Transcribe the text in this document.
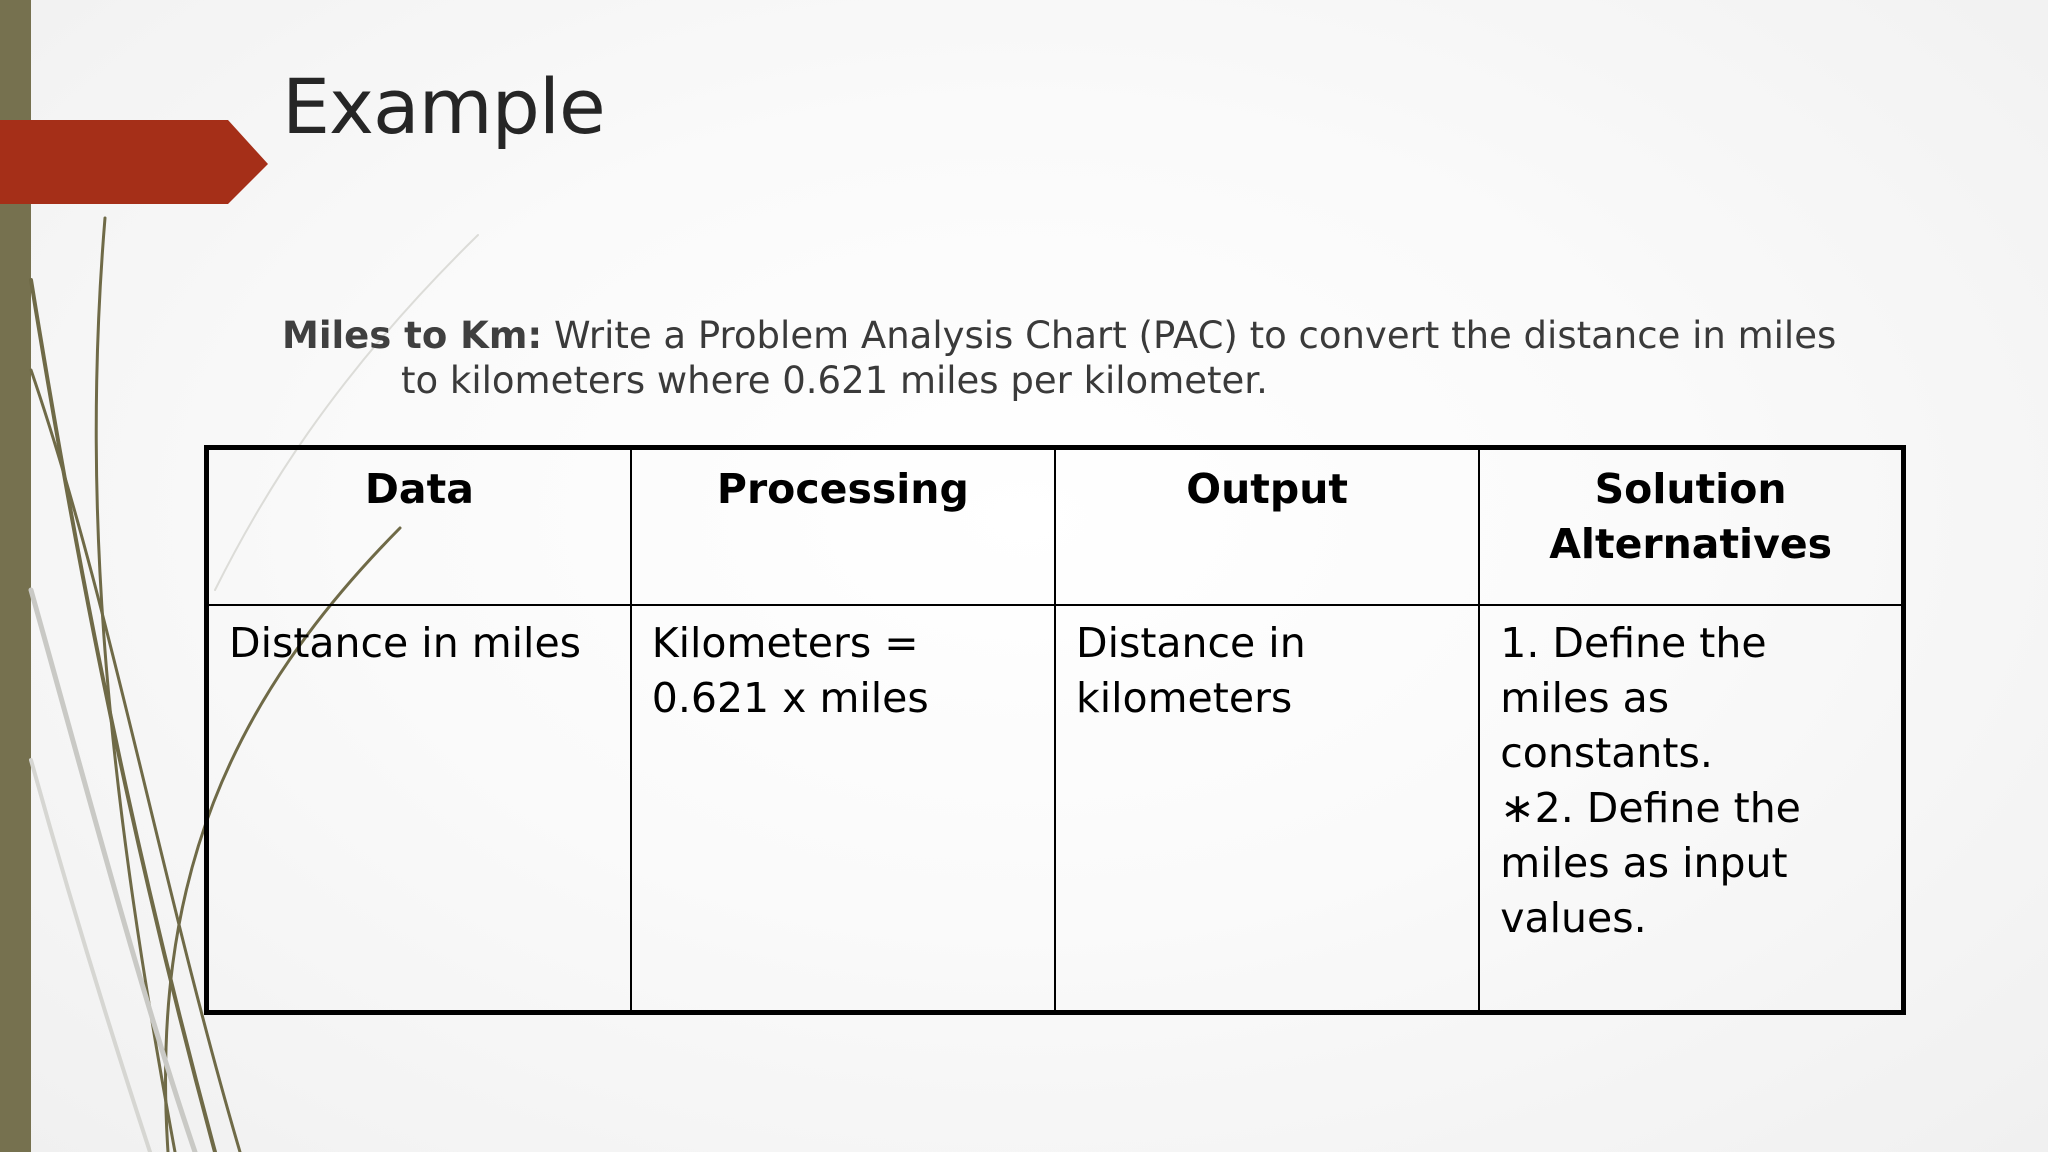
Example

Miles to Km: Write a Problem Analysis Chart (PAC) to convert the distance in miles to kilometers where 0.621 miles per kilometer.

Data	Processing	Output	Solution Alternatives
Distance in miles	Kilometers = 0.621 x miles	Distance in kilometers	1. Define the miles as constants.
∗2. Define the miles as input values.
